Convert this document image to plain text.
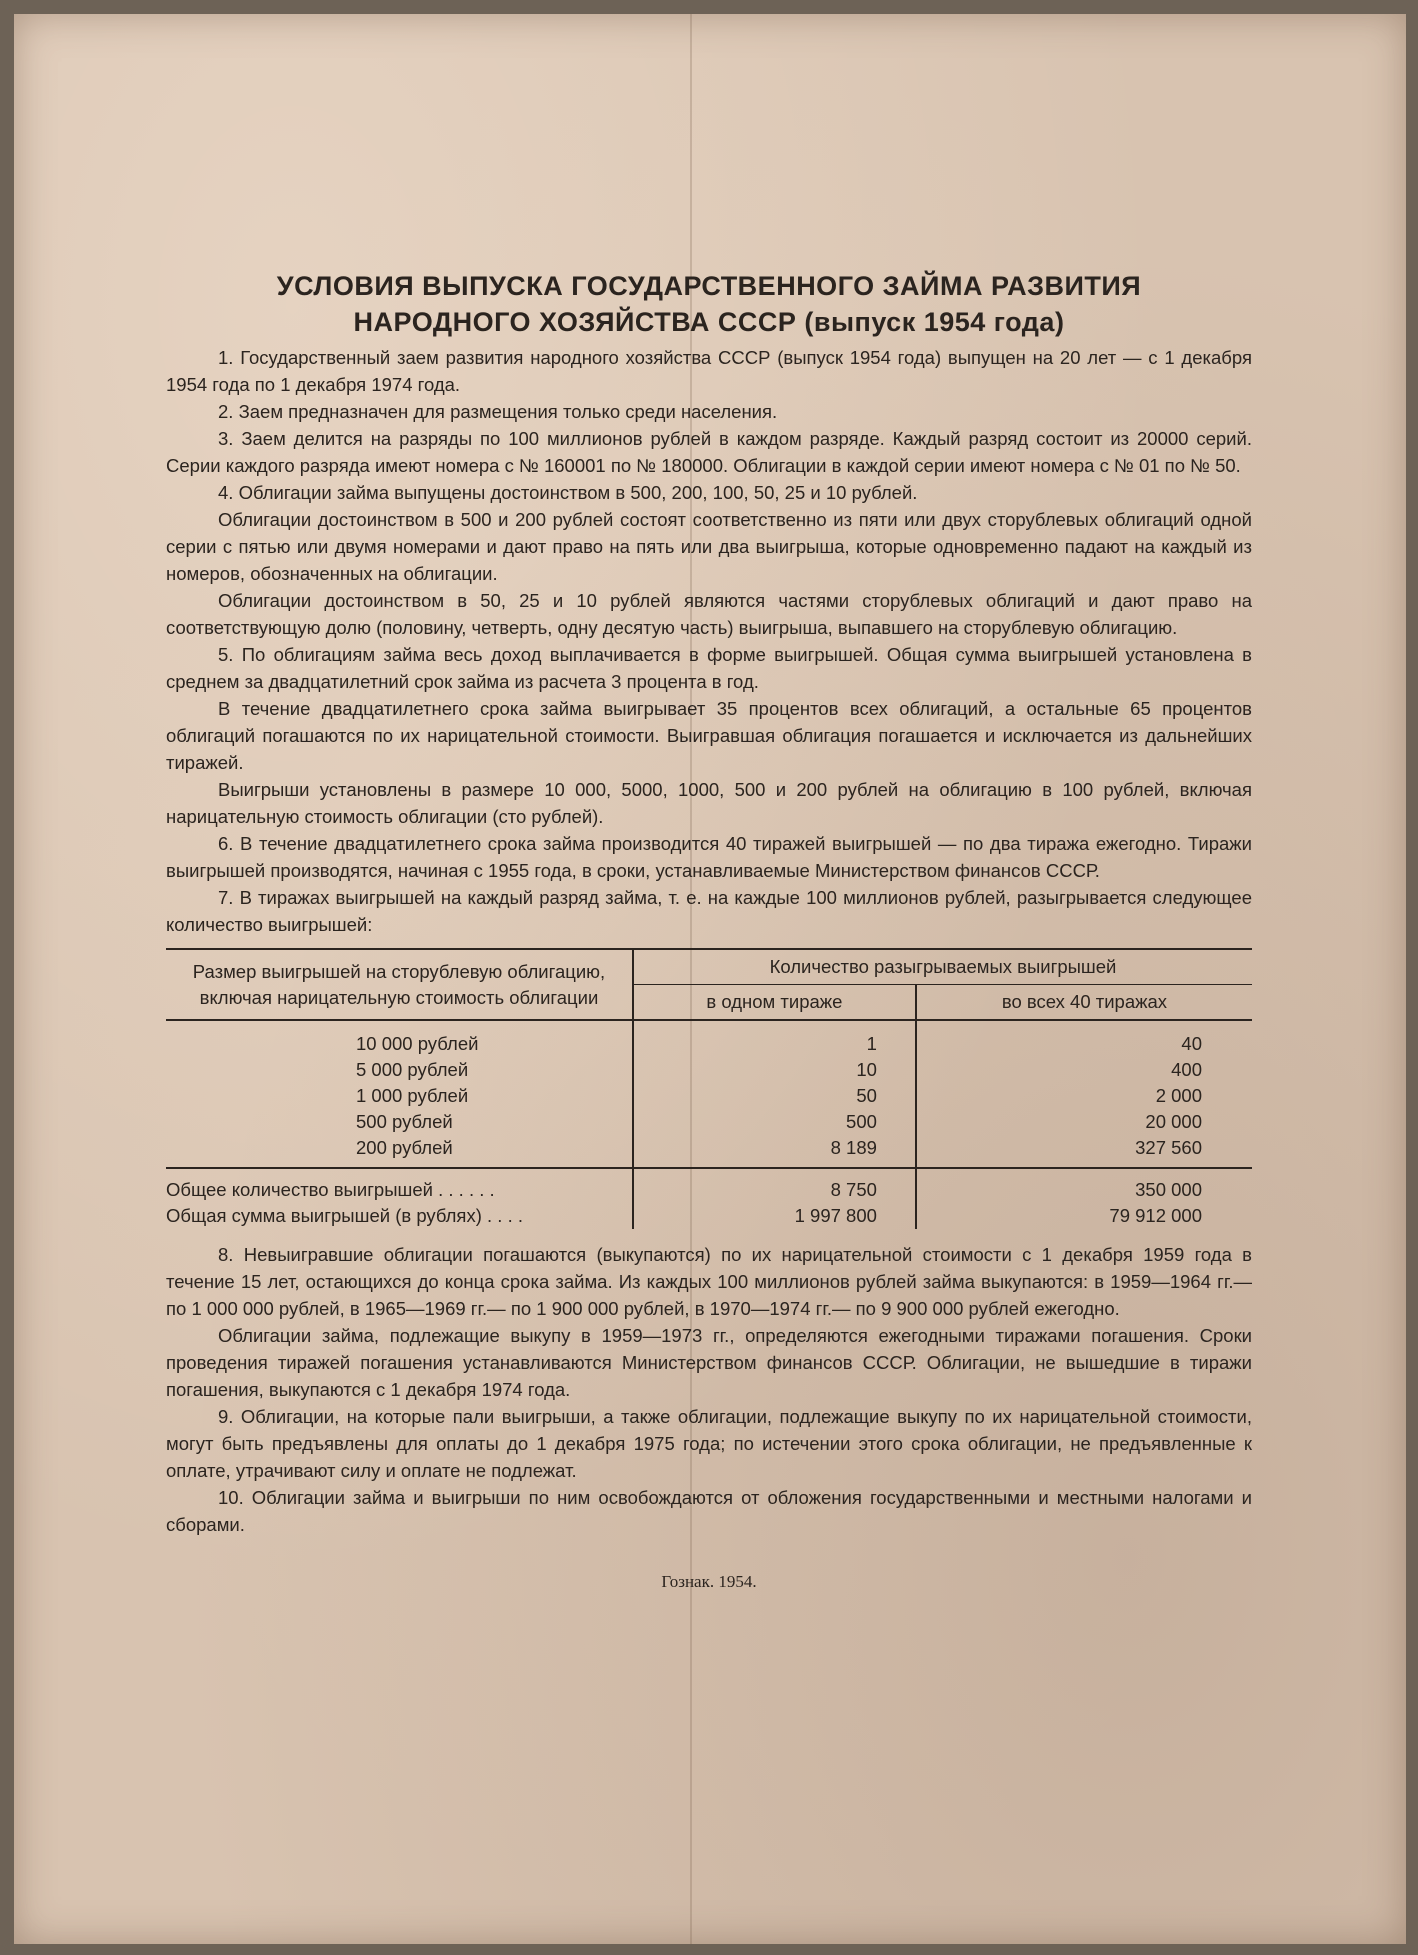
УСЛОВИЯ ВЫПУСКА ГОСУДАРСТВЕННОГО ЗАЙМА РАЗВИТИЯ
НАРОДНОГО ХОЗЯЙСТВА СССР (выпуск 1954 года)

1. Государственный заем развития народного хозяйства СССР (выпуск 1954 года) выпущен на 20 лет — с 1 декабря 1954 года по 1 декабря 1974 года.

2. Заем предназначен для размещения только среди населения.

3. Заем делится на разряды по 100 миллионов рублей в каждом разряде. Каждый разряд состоит из 20000 серий. Серии каждого разряда имеют номера с № 160001 по № 180000. Облигации в каждой серии имеют номера с № 01 по № 50.

4. Облигации займа выпущены достоинством в 500, 200, 100, 50, 25 и 10 рублей.

Облигации достоинством в 500 и 200 рублей состоят соответственно из пяти или двух сторублевых облигаций одной серии с пятью или двумя номерами и дают право на пять или два выигрыша, которые одновременно падают на каждый из номеров, обозначенных на облигации.

Облигации достоинством в 50, 25 и 10 рублей являются частями сторублевых облигаций и дают право на соответствующую долю (половину, четверть, одну десятую часть) выигрыша, выпавшего на сторублевую облигацию.

5. По облигациям займа весь доход выплачивается в форме выигрышей. Общая сумма выигрышей установлена в среднем за двадцатилетний срок займа из расчета 3 процента в год.

В течение двадцатилетнего срока займа выигрывает 35 процентов всех облигаций, а остальные 65 процентов облигаций погашаются по их нарицательной стоимости. Выигравшая облигация погашается и исключается из дальнейших тиражей.

Выигрыши установлены в размере 10 000, 5000, 1000, 500 и 200 рублей на облигацию в 100 рублей, включая нарицательную стоимость облигации (сто рублей).

6. В течение двадцатилетнего срока займа производится 40 тиражей выигрышей — по два тиража ежегодно. Тиражи выигрышей производятся, начиная с 1955 года, в сроки, устанавливаемые Министерством финансов СССР.

7. В тиражах выигрышей на каждый разряд займа, т. е. на каждые 100 миллионов рублей, разыгрывается следующее количество выигрышей:

Размер выигрышей на сторублевую облигацию, включая нарицательную стоимость облигации	Количество разыгрываемых выигрышей	
	в одном тираже	во всех 40 тиражах
10 000 рублей	1	40
5 000 рублей	10	400
1 000 рублей	50	2 000
500 рублей	500	20 000
200 рублей	8 189	327 560
Общее количество выигрышей . . . . . .	8 750	350 000
Общая сумма выигрышей (в рублях) . . . .	1 997 800	79 912 000

8. Невыигравшие облигации погашаются (выкупаются) по их нарицательной стоимости с 1 декабря 1959 года в течение 15 лет, остающихся до конца срока займа. Из каждых 100 миллионов рублей займа выкупаются: в 1959—1964 гг.— по 1 000 000 рублей, в 1965—1969 гг.— по 1 900 000 рублей, в 1970—1974 гг.— по 9 900 000 рублей ежегодно.

Облигации займа, подлежащие выкупу в 1959—1973 гг., определяются ежегодными тиражами погашения. Сроки проведения тиражей погашения устанавливаются Министерством финансов СССР. Облигации, не вышедшие в тиражи погашения, выкупаются с 1 декабря 1974 года.

9. Облигации, на которые пали выигрыши, а также облигации, подлежащие выкупу по их нарицательной стоимости, могут быть предъявлены для оплаты до 1 декабря 1975 года; по истечении этого срока облигации, не предъявленные к оплате, утрачивают силу и оплате не подлежат.

10. Облигации займа и выигрыши по ним освобождаются от обложения государственными и местными налогами и сборами.

Гознак. 1954.
